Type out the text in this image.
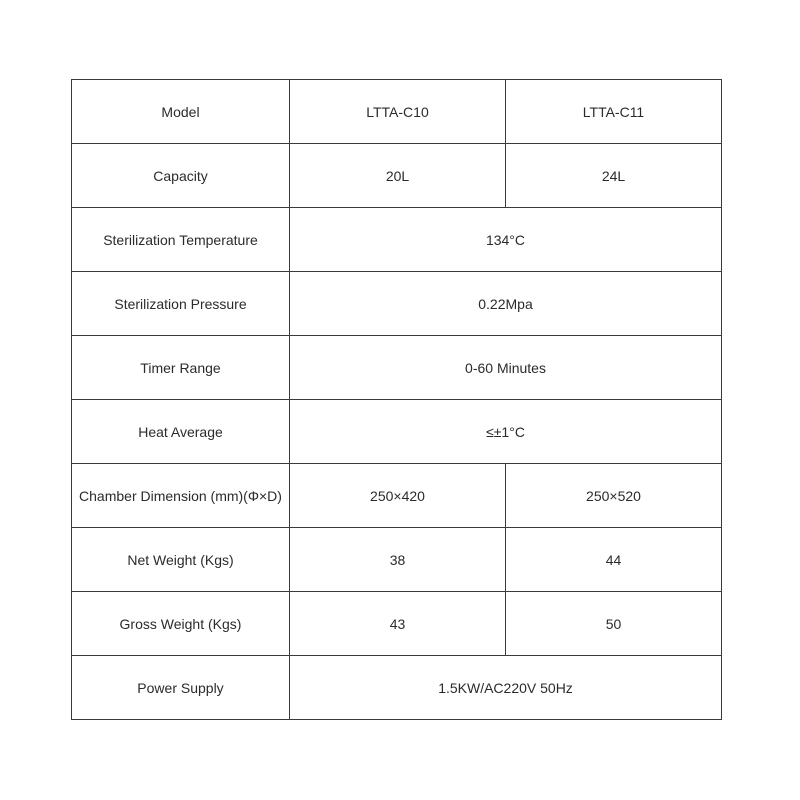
Model	LTTA-C10	LTTA-C11
Capacity	20L	24L
Sterilization Temperature	134°C	
Sterilization Pressure	0.22Mpa	
Timer Range	0-60 Minutes	
Heat Average	≤±1°C	
Chamber Dimension (mm)(Φ×D)	250×420	250×520
Net Weight (Kgs)	38	44
Gross Weight (Kgs)	43	50
Power Supply	1.5KW/AC220V 50Hz	
